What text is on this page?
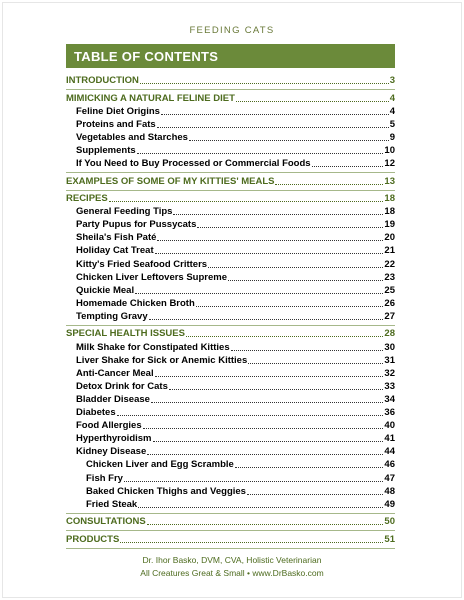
FEEDING CATS
TABLE OF CONTENTS
INTRODUCTION	3
MIMICKING A NATURAL FELINE DIET	4
Feline Diet Origins	4
Proteins and Fats	5
Vegetables and Starches	9
Supplements	10
If You Need to Buy Processed or Commercial Foods	12
EXAMPLES OF SOME OF MY KITTIES' MEALS	13
RECIPES	18
General Feeding Tips	18
Party Pupus for Pussycats	19
Sheila's Fish Paté	20
Holiday Cat Treat	21
Kitty's Fried Seafood Critters	22
Chicken Liver Leftovers Supreme	23
Quickie Meal	25
Homemade Chicken Broth	26
Tempting Gravy	27
SPECIAL HEALTH ISSUES	28
Milk Shake for Constipated Kitties	30
Liver Shake for Sick or Anemic Kitties	31
Anti-Cancer Meal	32
Detox Drink for Cats	33
Bladder Disease	34
Diabetes	36
Food Allergies	40
Hyperthyroidism	41
Kidney Disease	44
Chicken Liver and Egg Scramble	46
Fish Fry	47
Baked Chicken Thighs and Veggies	48
Fried Steak	49
CONSULTATIONS	50
PRODUCTS	51
Dr. Ihor Basko, DVM, CVA, Holistic Veterinarian
All Creatures Great & Small • www.DrBasko.com
